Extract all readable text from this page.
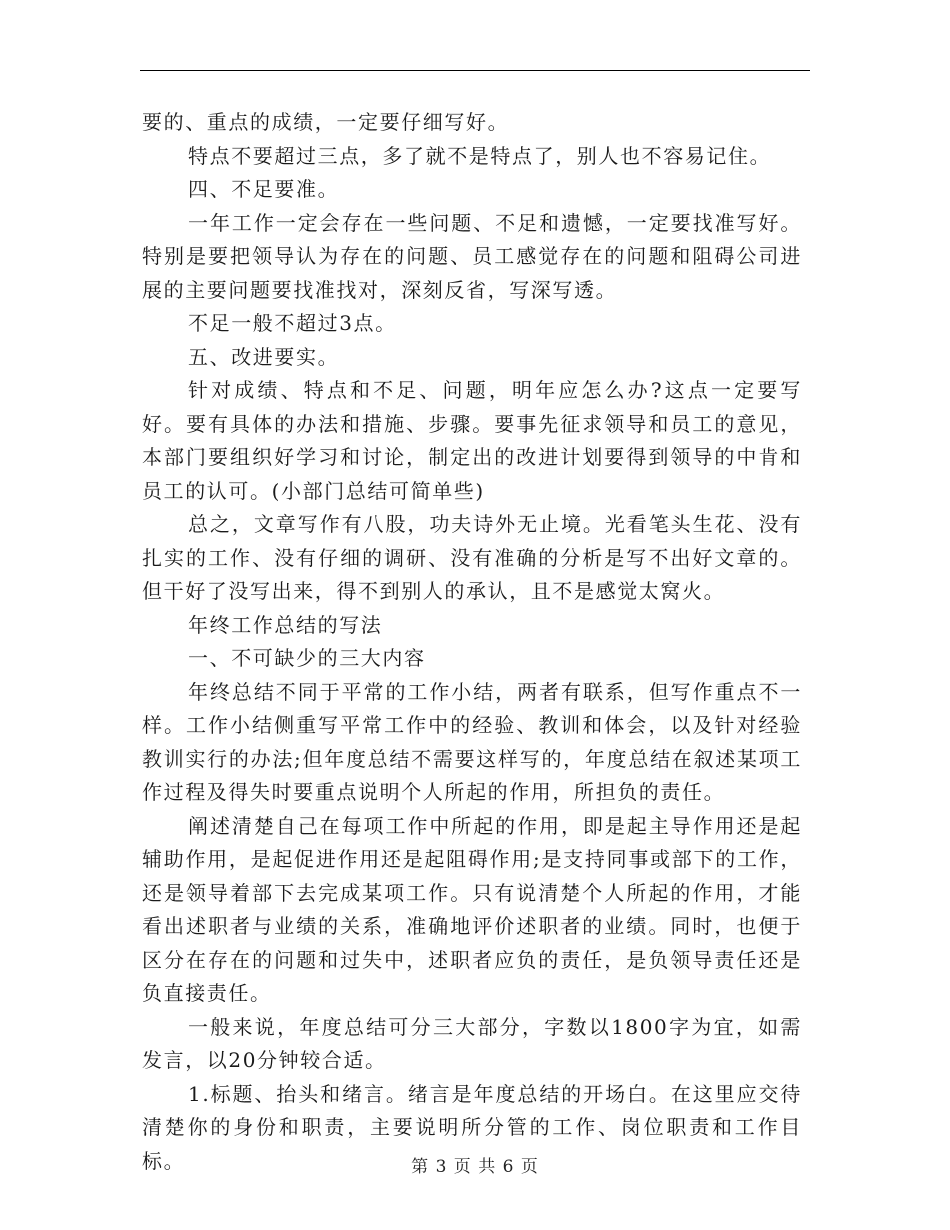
要的、重点的成绩，一定要仔细写好。

特点不要超过三点，多了就不是特点了，别人也不容易记住。

四、不足要准。

一年工作一定会存在一些问题、不足和遗憾，一定要找准写好。特别是要把领导认为存在的问题、员工感觉存在的问题和阻碍公司进展的主要问题要找准找对，深刻反省，写深写透。

不足一般不超过3点。

五、改进要实。

针对成绩、特点和不足、问题，明年应怎么办?这点一定要写好。要有具体的办法和措施、步骤。要事先征求领导和员工的意见，本部门要组织好学习和讨论，制定出的改进计划要得到领导的中肯和员工的认可。(小部门总结可简单些)

总之，文章写作有八股，功夫诗外无止境。光看笔头生花、没有扎实的工作、没有仔细的调研、没有准确的分析是写不出好文章的。但干好了没写出来，得不到别人的承认，且不是感觉太窝火。

年终工作总结的写法

一、不可缺少的三大内容

年终总结不同于平常的工作小结，两者有联系，但写作重点不一样。工作小结侧重写平常工作中的经验、教训和体会，以及针对经验教训实行的办法;但年度总结不需要这样写的，年度总结在叙述某项工作过程及得失时要重点说明个人所起的作用，所担负的责任。

阐述清楚自己在每项工作中所起的作用，即是起主导作用还是起辅助作用，是起促进作用还是起阻碍作用;是支持同事或部下的工作，还是领导着部下去完成某项工作。只有说清楚个人所起的作用，才能看出述职者与业绩的关系，准确地评价述职者的业绩。同时，也便于区分在存在的问题和过失中，述职者应负的责任，是负领导责任还是负直接责任。

一般来说，年度总结可分三大部分，字数以1800字为宜，如需发言，以20分钟较合适。

1.标题、抬头和绪言。绪言是年度总结的开场白。在这里应交待清楚你的身份和职责，主要说明所分管的工作、岗位职责和工作目标。	第 3 页 共 6 页
